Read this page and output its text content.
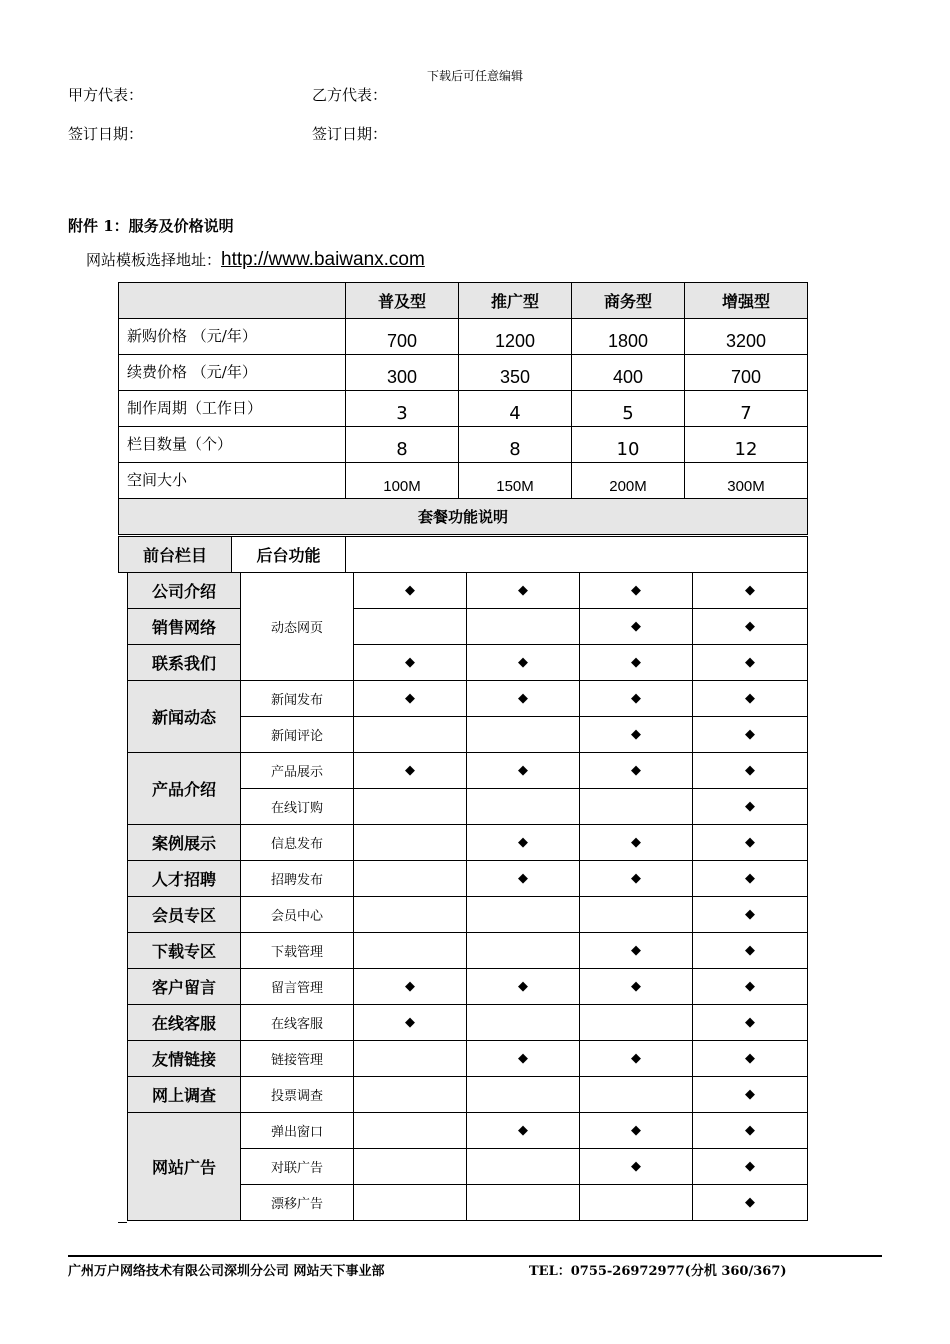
下载后可任意编辑
甲方代表：	乙方代表：
签订日期：	签订日期：
附件 1：服务及价格说明
网站模板选择地址：http://www.baiwanx.com
	普及型	推广型	商务型	增强型
新购价格 （元/年）	700	1200	1800	3200
续费价格 （元/年）	300	350	400	700
制作周期（工作日）	3	4	5	7
栏目数量（个）	8	8	10	12
空间大小	100M	150M	200M	300M
套餐功能说明				
前台栏目	后台功能	
公司介绍	动态网页	◆	◆	◆	◆
销售网络				◆	◆
联系我们		◆	◆	◆	◆
新闻动态	新闻发布	◆	◆	◆	◆
	新闻评论			◆	◆
产品介绍	产品展示	◆	◆	◆	◆
	在线订购				◆
案例展示	信息发布		◆	◆	◆
人才招聘	招聘发布		◆	◆	◆
会员专区	会员中心				◆
下载专区	下载管理			◆	◆
客户留言	留言管理	◆	◆	◆	◆
在线客服	在线客服	◆			◆
友情链接	链接管理		◆	◆	◆
网上调查	投票调查				◆
网站广告	弹出窗口		◆	◆	◆
	对联广告			◆	◆
	漂移广告				◆
广州万户网络技术有限公司深圳分公司 网站天下事业部	TEL：0755-26972977(分机 360/367)
